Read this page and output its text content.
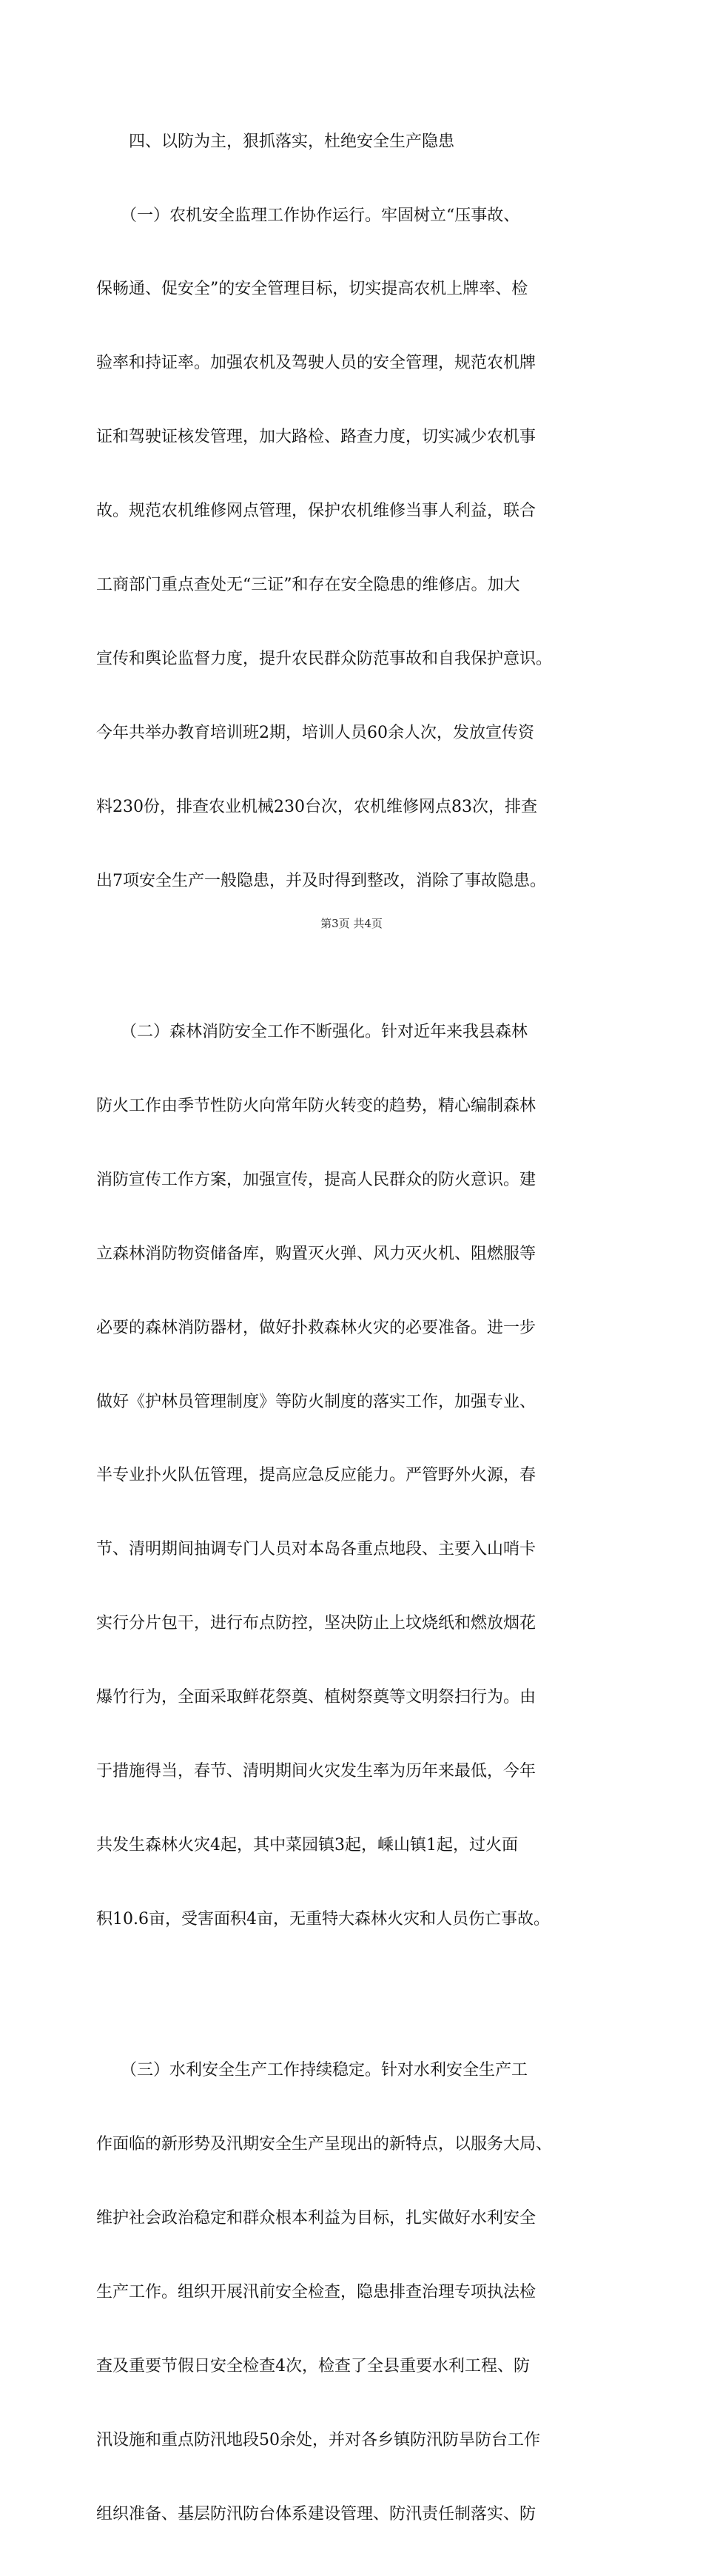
四、以防为主，狠抓落实，杜绝安全生产隐患

　　（一）农机安全监理工作协作运行。牢固树立“压事故、

保畅通、促安全”的安全管理目标，切实提高农机上牌率、检

验率和持证率。加强农机及驾驶人员的安全管理，规范农机牌

证和驾驶证核发管理，加大路检、路查力度，切实减少农机事

故。规范农机维修网点管理，保护农机维修当事人利益，联合

工商部门重点查处无“三证”和存在安全隐患的维修店。加大

宣传和舆论监督力度，提升农民群众防范事故和自我保护意识。

今年共举办教育培训班2期，培训人员60余人次，发放宣传资

料230份，排查农业机械230台次，农机维修网点83次，排查

出7项安全生产一般隐患，并及时得到整改，消除了事故隐患。

　　（二）森林消防安全工作不断强化。针对近年来我县森林

防火工作由季节性防火向常年防火转变的趋势，精心编制森林

消防宣传工作方案，加强宣传，提高人民群众的防火意识。建

立森林消防物资储备库，购置灭火弹、风力灭火机、阻燃服等

必要的森林消防器材，做好扑救森林火灾的必要准备。进一步

做好《护林员管理制度》等防火制度的落实工作，加强专业、

半专业扑火队伍管理，提高应急反应能力。严管野外火源，春

节、清明期间抽调专门人员对本岛各重点地段、主要入山哨卡

实行分片包干，进行布点防控，坚决防止上坟烧纸和燃放烟花

爆竹行为，全面采取鲜花祭奠、植树祭奠等文明祭扫行为。由

于措施得当，春节、清明期间火灾发生率为历年来最低，今年

共发生森林火灾4起，其中菜园镇3起，嵊山镇1起，过火面

积10.6亩，受害面积4亩，无重特大森林火灾和人员伤亡事故。

　　（三）水利安全生产工作持续稳定。针对水利安全生产工

作面临的新形势及汛期安全生产呈现出的新特点，以服务大局、

维护社会政治稳定和群众根本利益为目标，扎实做好水利安全

生产工作。组织开展汛前安全检查，隐患排查治理专项执法检

查及重要节假日安全检查4次，检查了全县重要水利工程、防

汛设施和重点防汛地段50余处，并对各乡镇防汛防旱防台工作

组织准备、基层防汛防台体系建设管理、防汛责任制落实、防

第3页 共4页
